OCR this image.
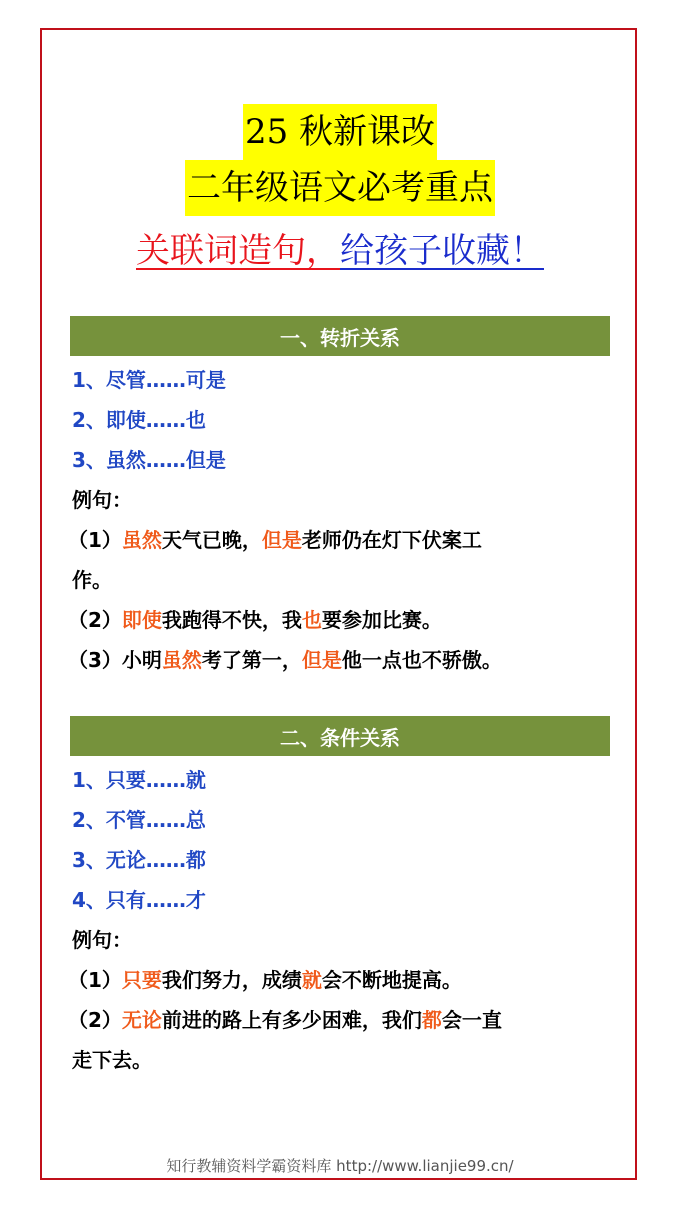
25 秋新课改
二年级语文必考重点
关联词造句，给孩子收藏！
一、转折关系
1、尽管……可是
2、即使……也
3、虽然……但是
例句：
（1）虽然天气已晚，但是老师仍在灯下伏案工
作。
（2）即使我跑得不快，我也要参加比赛。
（3）小明虽然考了第一，但是他一点也不骄傲。
二、条件关系
1、只要……就
2、不管……总
3、无论……都
4、只有……才
例句：
（1）只要我们努力，成绩就会不断地提高。
（2）无论前进的路上有多少困难，我们都会一直
走下去。
知行教辅资料学霸资料库 http://www.lianjie99.cn/
